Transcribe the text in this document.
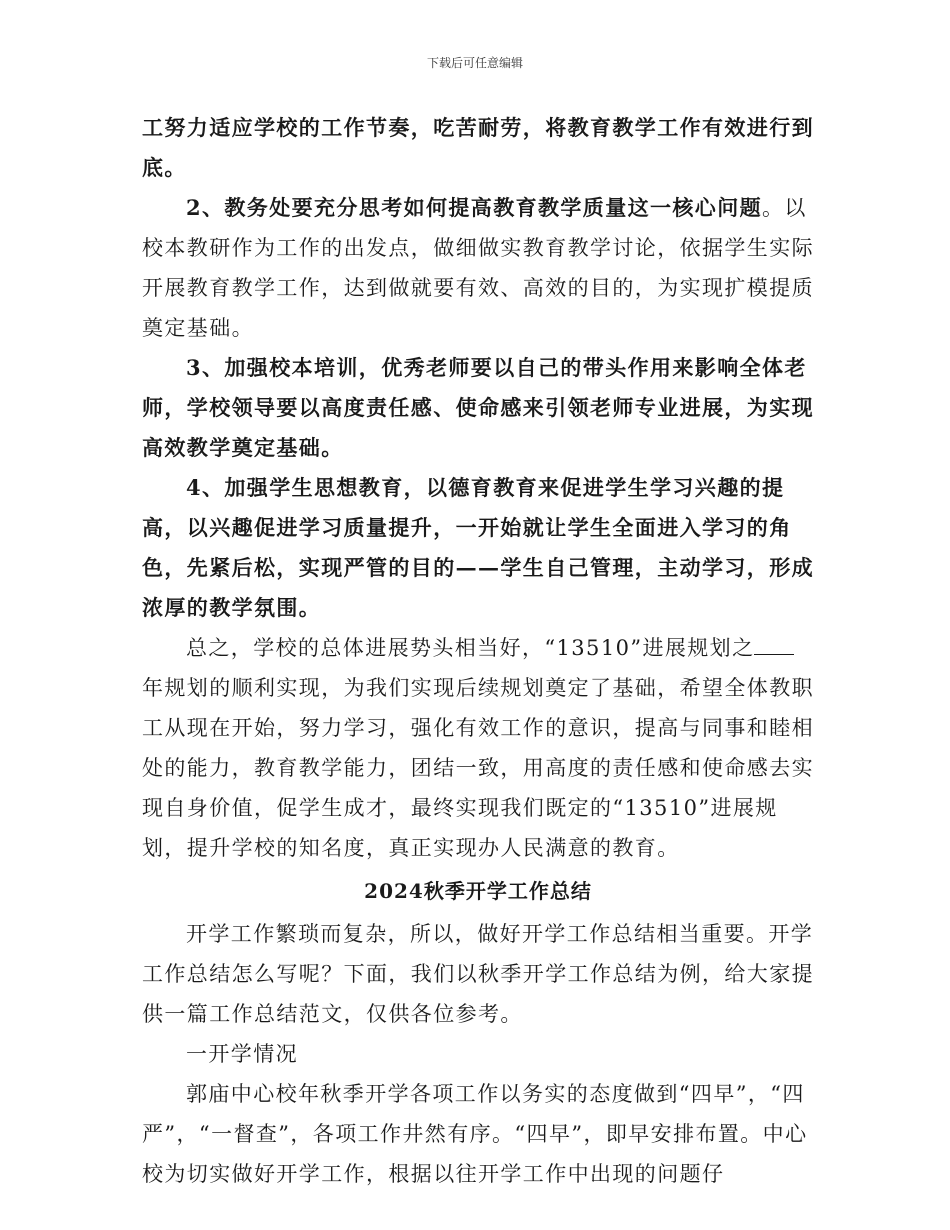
下载后可任意编辑

工努力适应学校的工作节奏，吃苦耐劳，将教育教学工作有效进行到底。

2、教务处要充分思考如何提高教育教学质量这一核心问题。以校本教研作为工作的出发点，做细做实教育教学讨论，依据学生实际开展教育教学工作，达到做就要有效、高效的目的，为实现扩模提质奠定基础。

3、加强校本培训，优秀老师要以自己的带头作用来影响全体老师，学校领导要以高度责任感、使命感来引领老师专业进展，为实现高效教学奠定基础。

4、加强学生思想教育，以德育教育来促进学生学习兴趣的提高，以兴趣促进学习质量提升，一开始就让学生全面进入学习的角色，先紧后松，实现严管的目的——学生自己管理，主动学习，形成浓厚的教学氛围。

总之，学校的总体进展势头相当好，“13510”进展规划之年规划的顺利实现，为我们实现后续规划奠定了基础，希望全体教职工从现在开始，努力学习，强化有效工作的意识，提高与同事和睦相处的能力，教育教学能力，团结一致，用高度的责任感和使命感去实现自身价值，促学生成才，最终实现我们既定的“13510”进展规划，提升学校的知名度，真正实现办人民满意的教育。

2024秋季开学工作总结

开学工作繁琐而复杂，所以，做好开学工作总结相当重要。开学工作总结怎么写呢？下面，我们以秋季开学工作总结为例，给大家提供一篇工作总结范文，仅供各位参考。

一开学情况

郭庙中心校年秋季开学各项工作以务实的态度做到“四早”，“四严”，“一督查”，各项工作井然有序。“四早”，即早安排布置。中心校为切实做好开学工作，根据以往开学工作中出现的问题仔
